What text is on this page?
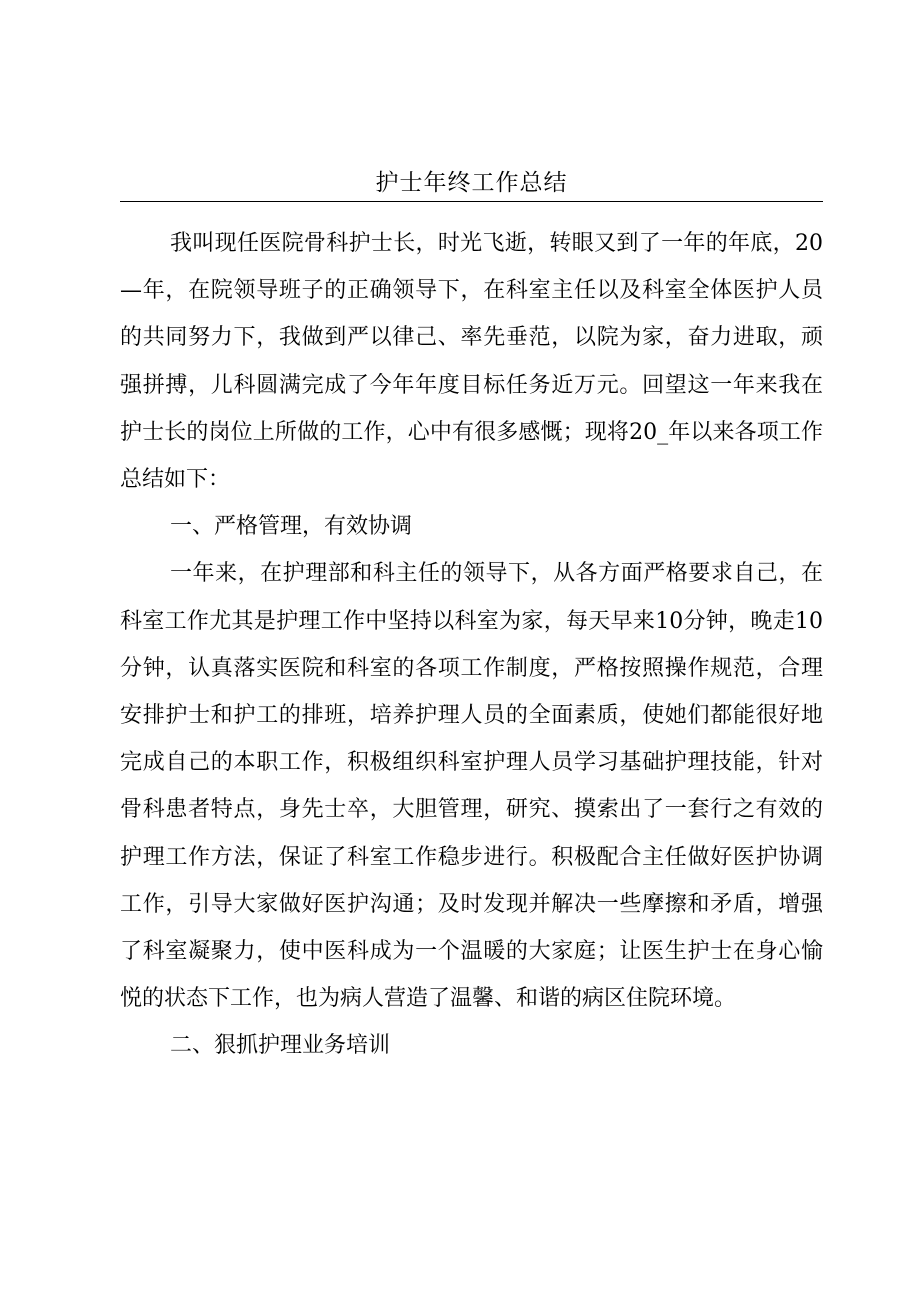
护士年终工作总结

我叫现任医院骨科护士长，时光飞逝，转眼又到了一年的年底，20—年，在院领导班子的正确领导下，在科室主任以及科室全体医护人员的共同努力下，我做到严以律己、率先垂范，以院为家，奋力进取，顽强拼搏，儿科圆满完成了今年年度目标任务近万元。回望这一年来我在护士长的岗位上所做的工作，心中有很多感慨；现将20_年以来各项工作总结如下：

一、严格管理，有效协调

一年来，在护理部和科主任的领导下，从各方面严格要求自己，在科室工作尤其是护理工作中坚持以科室为家，每天早来10分钟，晚走10分钟，认真落实医院和科室的各项工作制度，严格按照操作规范，合理安排护士和护工的排班，培养护理人员的全面素质，使她们都能很好地完成自己的本职工作，积极组织科室护理人员学习基础护理技能，针对骨科患者特点，身先士卒，大胆管理，研究、摸索出了一套行之有效的护理工作方法，保证了科室工作稳步进行。积极配合主任做好医护协调工作，引导大家做好医护沟通；及时发现并解决一些摩擦和矛盾，增强了科室凝聚力，使中医科成为一个温暖的大家庭；让医生护士在身心愉悦的状态下工作，也为病人营造了温馨、和谐的病区住院环境。

二、狠抓护理业务培训
